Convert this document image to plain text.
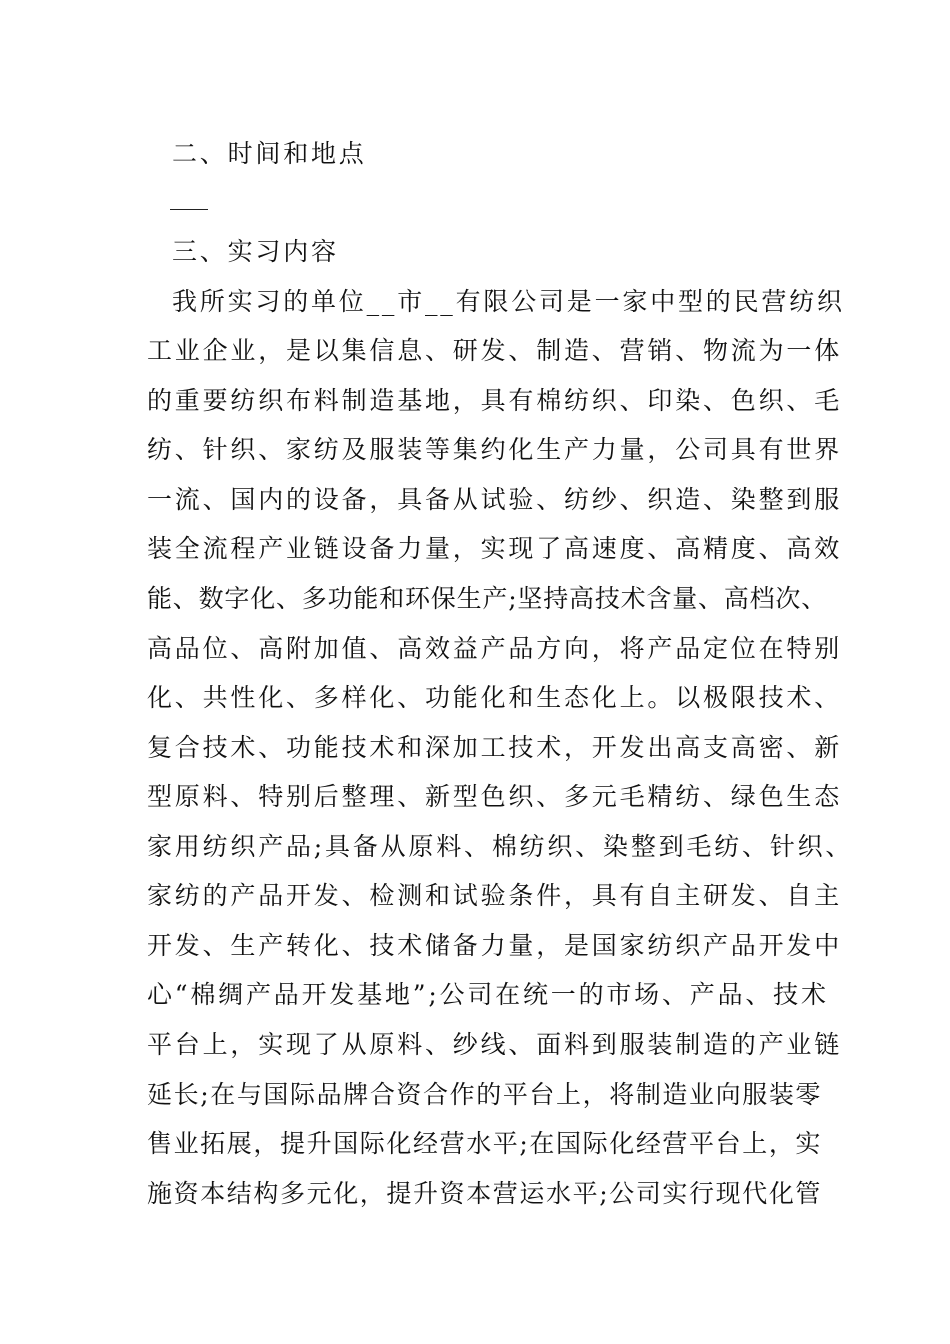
二、时间和地点
三、实习内容
我所实习的单位__市__有限公司是一家中型的民营纺织
工业企业，是以集信息、研发、制造、营销、物流为一体
的重要纺织布料制造基地，具有棉纺织、印染、色织、毛
纺、针织、家纺及服装等集约化生产力量，公司具有世界
一流、国内的设备，具备从试验、纺纱、织造、染整到服
装全流程产业链设备力量，实现了高速度、高精度、高效
能、数字化、多功能和环保生产;坚持高技术含量、高档次、
高品位、高附加值、高效益产品方向，将产品定位在特别
化、共性化、多样化、功能化和生态化上。以极限技术、
复合技术、功能技术和深加工技术，开发出高支高密、新
型原料、特别后整理、新型色织、多元毛精纺、绿色生态
家用纺织产品;具备从原料、棉纺织、染整到毛纺、针织、
家纺的产品开发、检测和试验条件，具有自主研发、自主
开发、生产转化、技术储备力量，是国家纺织产品开发中
心“棉绸产品开发基地”;公司在统一的市场、产品、技术
平台上，实现了从原料、纱线、面料到服装制造的产业链
延长;在与国际品牌合资合作的平台上，将制造业向服装零
售业拓展，提升国际化经营水平;在国际化经营平台上，实
施资本结构多元化，提升资本营运水平;公司实行现代化管
